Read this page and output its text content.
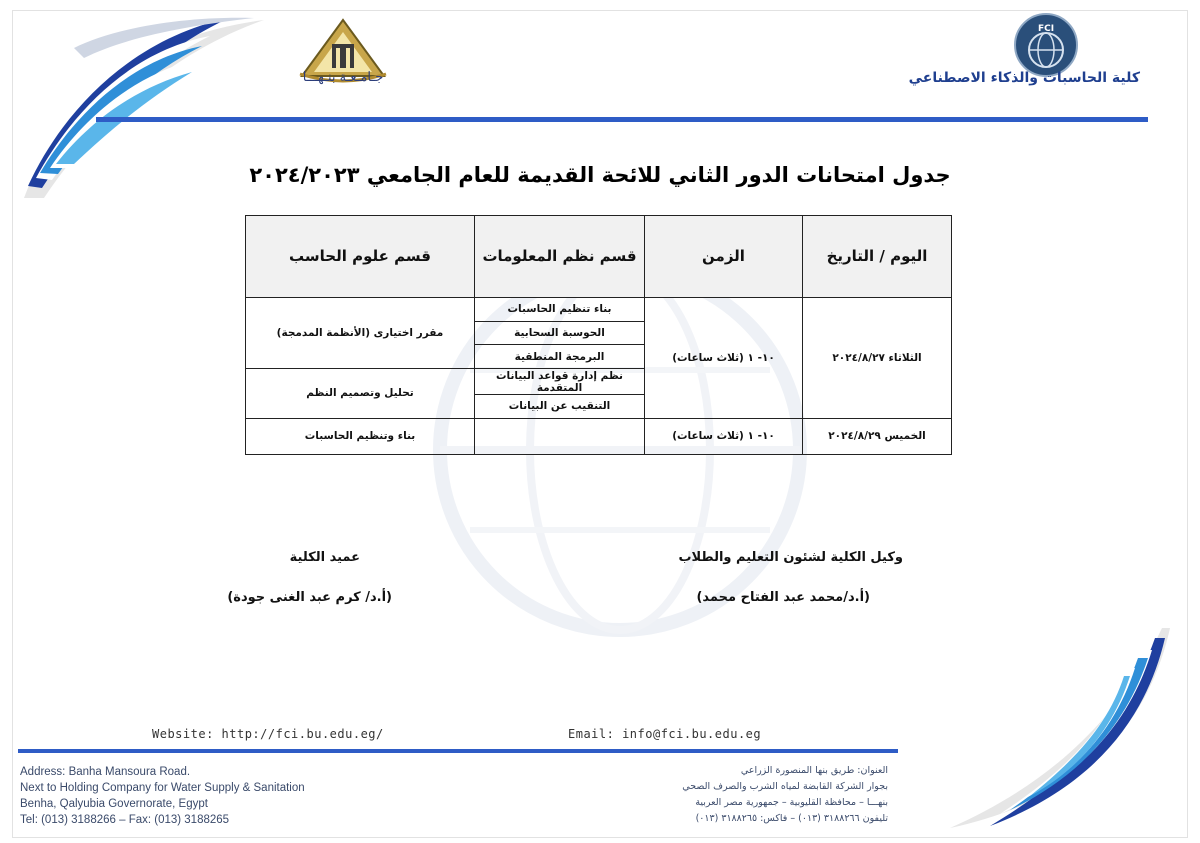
جـامـعـة بنـهـــا
FCI
كلية الحاسبات والذكاء الاصطناعي
جدول امتحانات الدور الثاني للائحة القديمة للعام الجامعي ٢٠٢٤/٢٠٢٣
اليوم / التاريخ	الزمن	قسم نظم المعلومات	قسم علوم الحاسب
الثلاثاء ٢٠٢٤/٨/٢٧	١٠- ١ (ثلاث ساعات)	بناء تنظيم الحاسبات	مقرر اختيارى (الأنظمة المدمجة)
		الحوسبة السحابية	
		البرمجة المنطقية	
		نظم إدارة قواعد البيانات المتقدمة	تحليل وتصميم النظم
		التنقيب عن البيانات	
الخميس ٢٠٢٤/٨/٢٩	١٠- ١ (ثلاث ساعات)		بناء وتنظيم الحاسبات
وكيل الكلية لشئون التعليم والطلاب
(أ.د/محمد عبد الفتاح محمد)
عميد الكلية
(أ.د/ كرم عبد الغنى جودة)
Website: http://fci.bu.edu.eg/	Email: info@fci.bu.edu.eg
Address: Banha Mansoura Road.
Next to Holding Company for Water Supply & Sanitation
Benha, Qalyubia Governorate, Egypt
Tel: (013) 3188266 – Fax: (013) 3188265
العنوان: طريق بنها المنصورة الزراعي
بجوار الشركة القابضة لمياه الشرب والصرف الصحي
بنهـــا – محافظة القليوبية – جمهورية مصر العربية
تليفون ٣١٨٨٢٦٦ (٠١٣) – فاكس: ٣١٨٨٢٦٥ (٠١٣)
